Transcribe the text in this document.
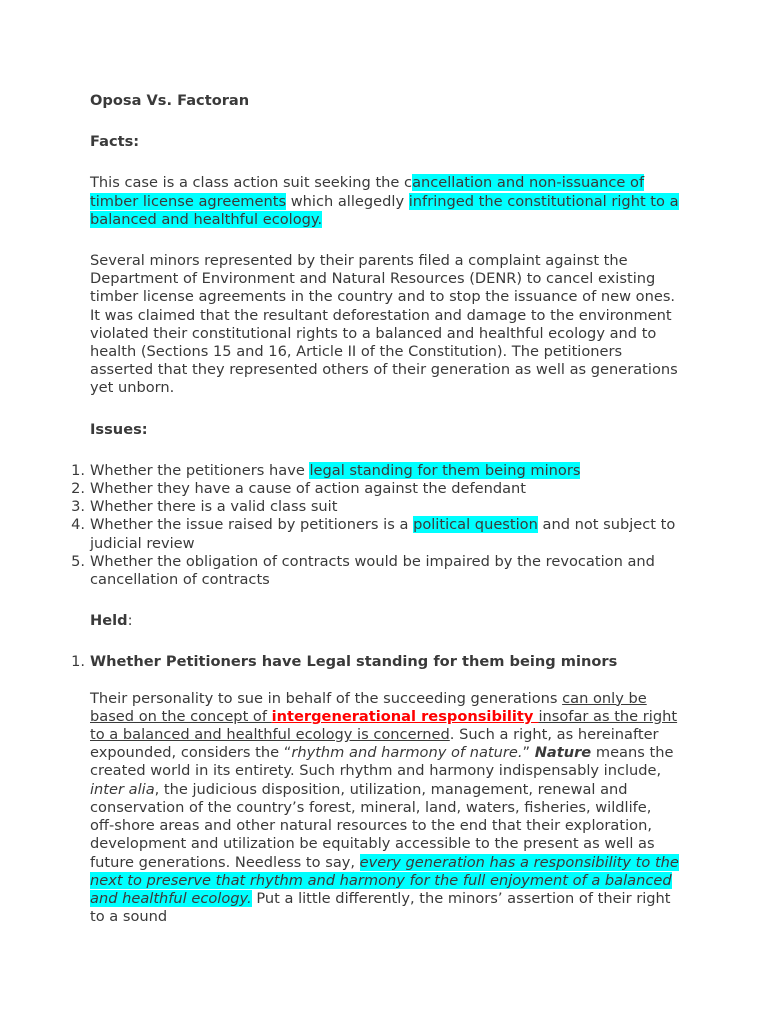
Oposa Vs. Factoran

Facts:

This case is a class action suit seeking the cancellation and non-issuance of timber license agreements which allegedly infringed the constitutional right to a balanced and healthful ecology.

Several minors represented by their parents filed a complaint against the Department of Environment and Natural Resources (DENR) to cancel existing timber license agreements in the country and to stop the issuance of new ones. It was claimed that the resultant deforestation and damage to the environment violated their constitutional rights to a balanced and healthful ecology and to health (Sections 15 and 16, Article II of the Constitution). The petitioners asserted that they represented others of their generation as well as generations yet unborn.

Issues:

1. Whether the petitioners have legal standing for them being minors
2. Whether they have a cause of action against the defendant
3. Whether there is a valid class suit
4. Whether the issue raised by petitioners is a political question and not subject to judicial review
5. Whether the obligation of contracts would be impaired by the revocation and cancellation of contracts

Held:

1. Whether Petitioners have Legal standing for them being minors

Their personality to sue in behalf of the succeeding generations can only be based on the concept of intergenerational responsibility insofar as the right to a balanced and healthful ecology is concerned. Such a right, as hereinafter expounded, considers the “rhythm and harmony of nature.” Nature means the created world in its entirety. Such rhythm and harmony indispensably include, inter alia, the judicious disposition, utilization, management, renewal and conservation of the country’s forest, mineral, land, waters, fisheries, wildlife, off-shore areas and other natural resources to the end that their exploration, development and utilization be equitably accessible to the present as well as future generations. Needless to say, every generation has a responsibility to the next to preserve that rhythm and harmony for the full enjoyment of a balanced and healthful ecology. Put a little differently, the minors’ assertion of their right to a sound
